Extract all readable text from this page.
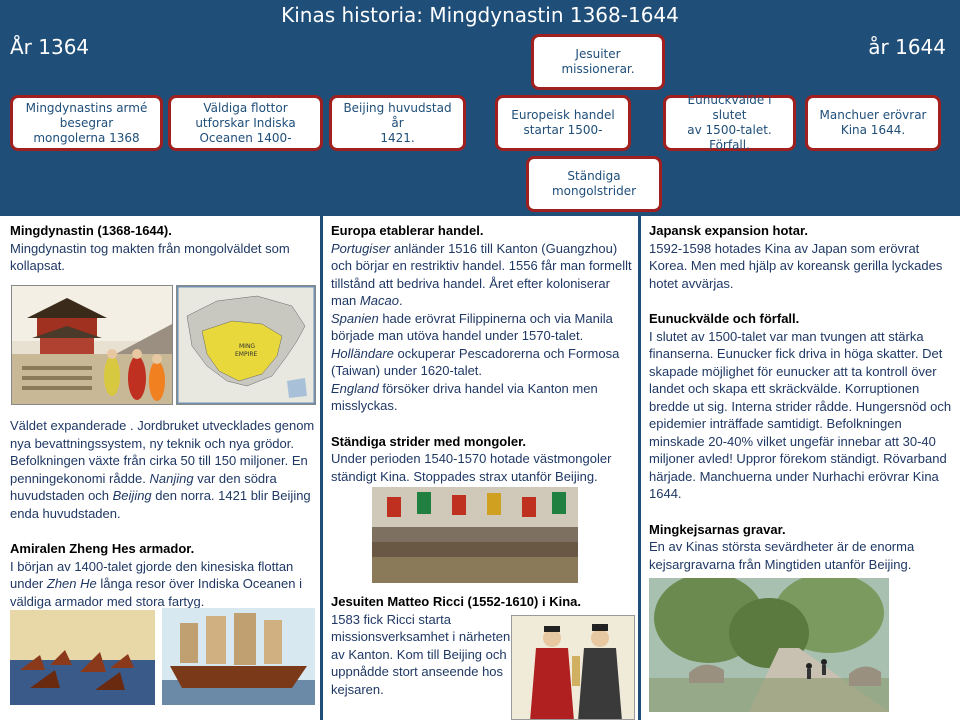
Kinas historia: Mingdynastin 1368-1644
År 1364	år 1644
Jesuiter missionerar.
Mingdynastins armé
besegrar
mongolerna 1368
Väldiga flottor
utforskar Indiska
Oceanen 1400-
Beijing huvudstad år
1421.
Europeisk handel
startar 1500-
Eunuckvälde i slutet
av 1500-talet.
Förfall.
Manchuer erövrar
Kina 1644.
Ständiga
mongolstrider
Mingdynastin (1368-1644).
Mingdynastin tog makten från mongolväldet som kollapsat.
MING
EMPIRE
Väldet expanderade . Jordbruket utvecklades genom nya bevattningssystem, ny teknik och nya grödor. Befolkningen växte från cirka 50 till 150 miljoner. En penningekonomi rådde. Nanjing var den södra huvudstaden och Beijing den norra. 1421 blir Beijing enda huvudstaden.
Amiralen Zheng Hes armador.
I början av 1400-talet gjorde den kinesiska flottan under Zhen He långa resor över Indiska Oceanen i väldiga armador med stora fartyg.
Europa etablerar handel.
Portugiser anländer 1516 till Kanton (Guangzhou) och börjar en restriktiv handel. 1556 får man formellt tillstånd att bedriva handel. Året efter koloniserar man Macao.
Spanien hade erövrat Filippinerna och via Manila började man utöva handel under 1570-talet.
Holländare ockuperar Pescadorerna och Formosa (Taiwan) under 1620-talet.
England försöker driva handel via Kanton men misslyckas.
Ständiga strider med mongoler.
Under perioden 1540-1570 hotade västmongoler ständigt Kina. Stoppades strax utanför Beijing.
Jesuiten Matteo Ricci (1552-1610) i Kina.
1583 fick Ricci starta missionsverksamhet i närheten av Kanton. Kom till Beijing och uppnådde stort anseende hos kejsaren.
Japansk expansion hotar.
1592-1598 hotades Kina av Japan som erövrat Korea. Men med hjälp av koreansk gerilla lyckades hotet avvärjas.
Eunuckvälde och förfall.
I slutet av 1500-talet var man tvungen att stärka finanserna. Eunucker fick driva in höga skatter. Det skapade möjlighet för eunucker att ta kontroll över landet och skapa ett skräckvälde. Korruptionen bredde ut sig. Interna strider rådde. Hungersnöd och epidemier inträffade samtidigt. Befolkningen minskade 20-40% vilket ungefär innebar att 30-40 miljoner avled! Uppror förekom ständigt. Rövarband härjade. Manchuerna under Nurhachi erövrar Kina 1644.
Mingkejsarnas gravar.
En av Kinas största sevärdheter är de enorma kejsargravarna från Mingtiden utanför Beijing.
